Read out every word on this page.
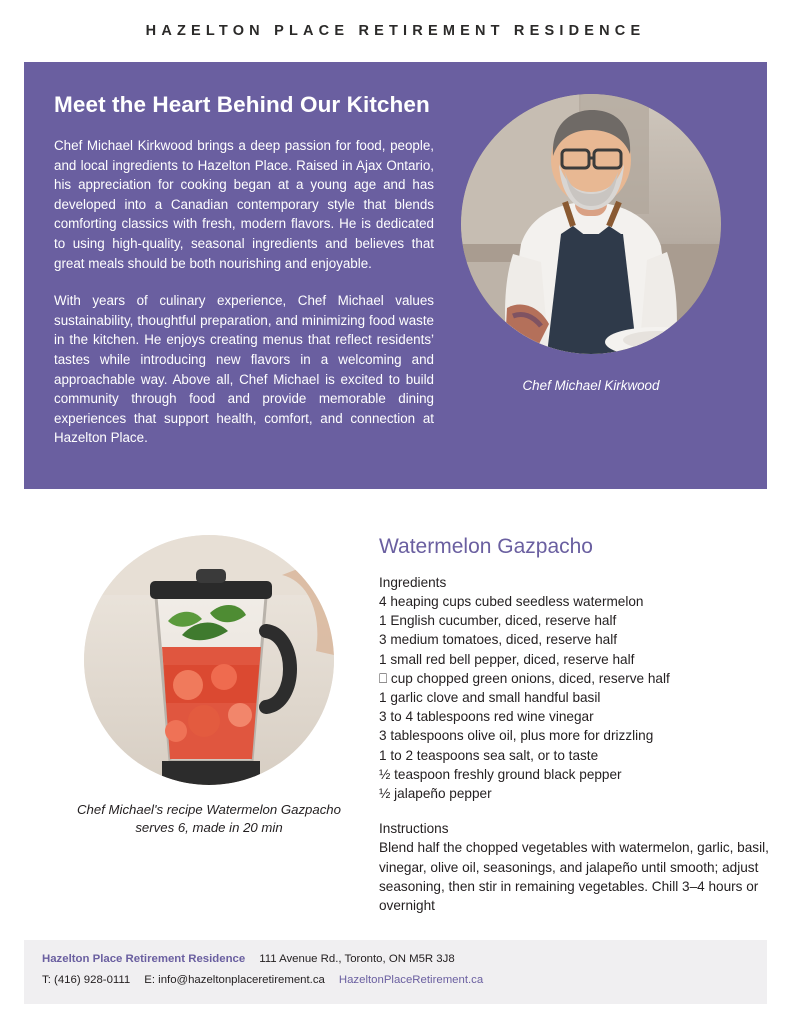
HAZELTON PLACE RETIREMENT RESIDENCE
Meet the Heart Behind Our Kitchen

Chef Michael Kirkwood brings a deep passion for food, people, and local ingredients to Hazelton Place. Raised in Ajax Ontario, his appreciation for cooking began at a young age and has developed into a Canadian contemporary style that blends comforting classics with fresh, modern flavors. He is dedicated to using high-quality, seasonal ingredients and believes that great meals should be both nourishing and enjoyable.

With years of culinary experience, Chef Michael values sustainability, thoughtful preparation, and minimizing food waste in the kitchen. He enjoys creating menus that reflect residents’ tastes while introducing new flavors in a welcoming and approachable way. Above all, Chef Michael is excited to build community through food and provide memorable dining experiences that support health, comfort, and connection at Hazelton Place.

Chef Michael Kirkwood
Chef Michael's recipe Watermelon Gazpacho
serves 6, made in 20 min
Watermelon Gazpacho

Ingredients

4 heaping cups cubed seedless watermelon
1 English cucumber, diced, reserve half
3 medium tomatoes, diced, reserve half
1 small red bell pepper, diced, reserve half
⎕ cup chopped green onions, diced, reserve half
1 garlic clove and small handful basil
3 to 4 tablespoons red wine vinegar
3 tablespoons olive oil, plus more for drizzling
1 to 2 teaspoons sea salt, or to taste
½ teaspoon freshly ground black pepper
½ jalapeño pepper

Instructions

Blend half the chopped vegetables with watermelon, garlic, basil, vinegar, olive oil, seasonings, and jalapeño until smooth; adjust seasoning, then stir in remaining vegetables. Chill 3–4 hours or overnight

Hazelton Place Retirement Residence 111 Avenue Rd., Toronto, ON M5R 3J8
T: (416) 928-0111 E: info@hazeltonplaceretirement.ca HazeltonPlaceRetirement.ca
